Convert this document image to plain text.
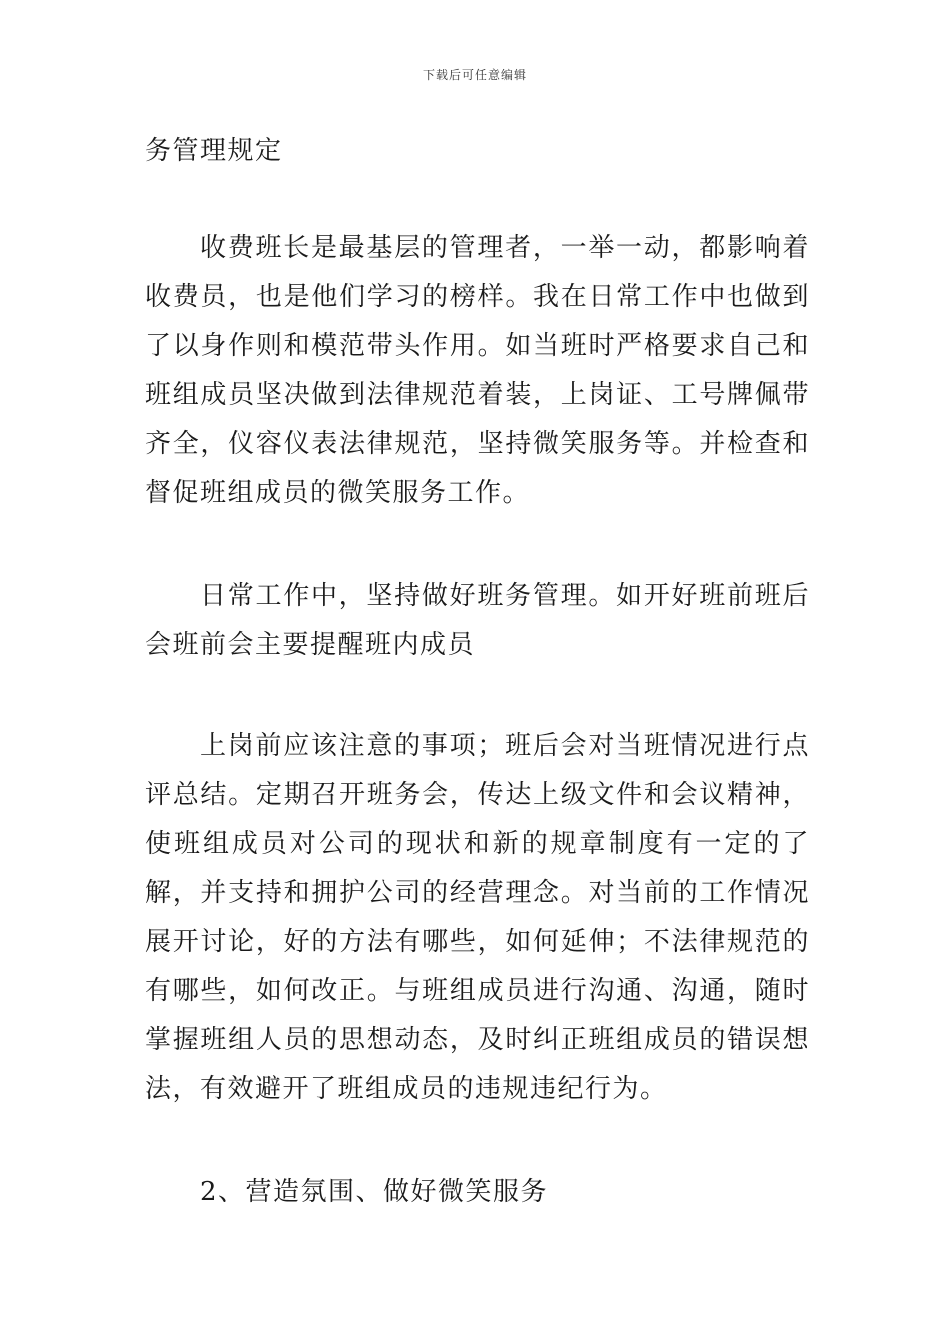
下载后可任意编辑

务管理规定

收费班长是最基层的管理者，一举一动，都影响着收费员，也是他们学习的榜样。我在日常工作中也做到了以身作则和模范带头作用。如当班时严格要求自己和班组成员坚决做到法律规范着装，上岗证、工号牌佩带齐全，仪容仪表法律规范，坚持微笑服务等。并检查和督促班组成员的微笑服务工作。

日常工作中，坚持做好班务管理。如开好班前班后会班前会主要提醒班内成员

上岗前应该注意的事项；班后会对当班情况进行点评总结。定期召开班务会，传达上级文件和会议精神，使班组成员对公司的现状和新的规章制度有一定的了解，并支持和拥护公司的经营理念。对当前的工作情况展开讨论，好的方法有哪些，如何延伸；不法律规范的有哪些，如何改正。与班组成员进行沟通、沟通，随时掌握班组人员的思想动态，及时纠正班组成员的错误想法，有效避开了班组成员的违规违纪行为。

2、营造氛围、做好微笑服务
